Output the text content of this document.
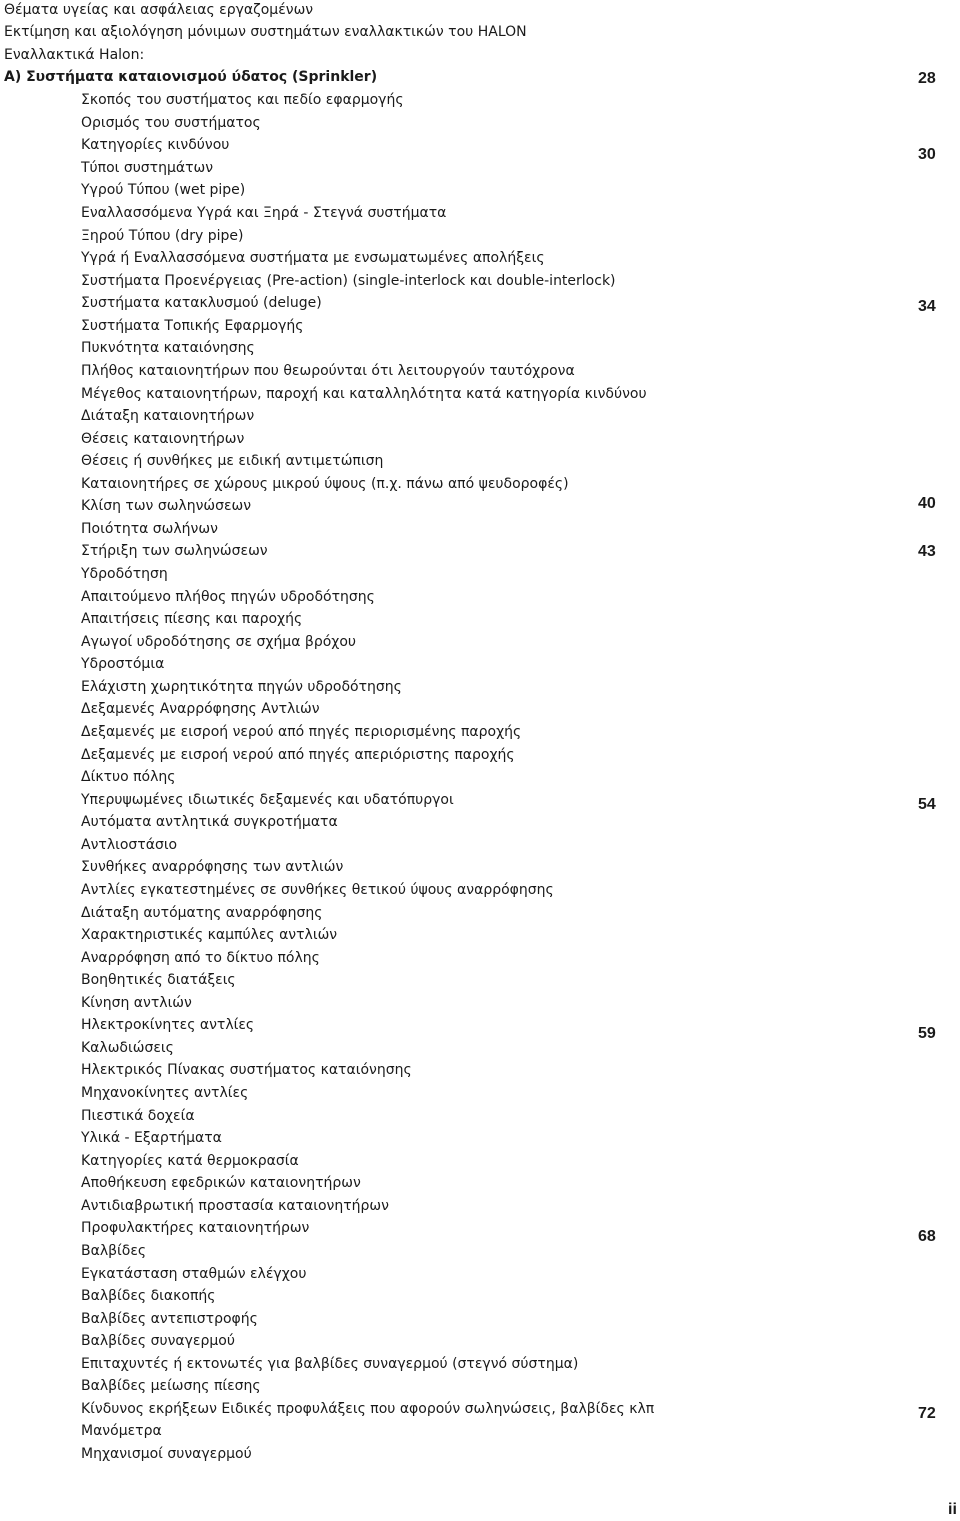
Θέματα υγείας και ασφάλειας εργαζομένων
Εκτίμηση και αξιολόγηση μόνιμων συστημάτων εναλλακτικών του HALON
Εναλλακτικά Halon:
Α) Συστήματα καταιονισμού ύδατος (Sprinkler)
Σκοπός του συστήματος και πεδίο εφαρμογής
Ορισμός του συστήματος
Κατηγορίες κινδύνου
Τύποι συστημάτων
Υγρού Τύπου (wet pipe)
Εναλλασσόμενα Υγρά και Ξηρά - Στεγνά συστήματα
Ξηρού Τύπου (dry pipe)
Υγρά ή Εναλλασσόμενα συστήματα με ενσωματωμένες απολήξεις
Συστήματα Προενέργειας (Pre-action) (single-interlock και double-interlock)
Συστήματα κατακλυσμού (deluge)
Συστήματα Τοπικής Εφαρμογής
Πυκνότητα καταιόνησης
Πλήθος καταιονητήρων που θεωρούνται ότι λειτουργούν ταυτόχρονα
Μέγεθος καταιονητήρων, παροχή και καταλληλότητα κατά κατηγορία κινδύνου
Διάταξη καταιονητήρων
Θέσεις καταιονητήρων
Θέσεις ή συνθήκες με ειδική αντιμετώπιση
Καταιονητήρες σε χώρους μικρού ύψους (π.χ. πάνω από ψευδοροφές)
Κλίση των σωληνώσεων
Ποιότητα σωλήνων
Στήριξη των σωληνώσεων
Υδροδότηση
Απαιτούμενο πλήθος πηγών υδροδότησης
Απαιτήσεις πίεσης και παροχής
Αγωγοί υδροδότησης σε σχήμα βρόχου
Υδροστόμια
Ελάχιστη χωρητικότητα πηγών υδροδότησης
Δεξαμενές Αναρρόφησης Αντλιών
Δεξαμενές με εισροή νερού από πηγές περιορισμένης παροχής
Δεξαμενές με εισροή νερού από πηγές απεριόριστης παροχής
Δίκτυο πόλης
Υπερυψωμένες ιδιωτικές δεξαμενές και υδατόπυργοι
Αυτόματα αντλητικά συγκροτήματα
Αντλιοστάσιο
Συνθήκες αναρρόφησης των αντλιών
Αντλίες εγκατεστημένες σε συνθήκες θετικού ύψους αναρρόφησης
Διάταξη αυτόματης αναρρόφησης
Χαρακτηριστικές καμπύλες αντλιών
Αναρρόφηση από το δίκτυο πόλης
Βοηθητικές διατάξεις
Κίνηση αντλιών
Ηλεκτροκίνητες αντλίες
Καλωδιώσεις
Ηλεκτρικός Πίνακας συστήματος καταιόνησης
Μηχανοκίνητες αντλίες
Πιεστικά δοχεία
Υλικά - Εξαρτήματα
Κατηγορίες κατά θερμοκρασία
Αποθήκευση εφεδρικών καταιονητήρων
Αντιδιαβρωτική προστασία καταιονητήρων
Προφυλακτήρες καταιονητήρων
Βαλβίδες
Εγκατάσταση σταθμών ελέγχου
Βαλβίδες διακοπής
Βαλβίδες αντεπιστροφής
Βαλβίδες συναγερμού
Επιταχυντές ή εκτονωτές για βαλβίδες συναγερμού (στεγνό σύστημα)
Βαλβίδες μείωσης πίεσης
Κίνδυνος εκρήξεων Ειδικές προφυλάξεις που αφορούν σωληνώσεις, βαλβίδες κλπ
Μανόμετρα
Μηχανισμοί συναγερμού
28
30
34
40
43
54
59
68
72
ii
